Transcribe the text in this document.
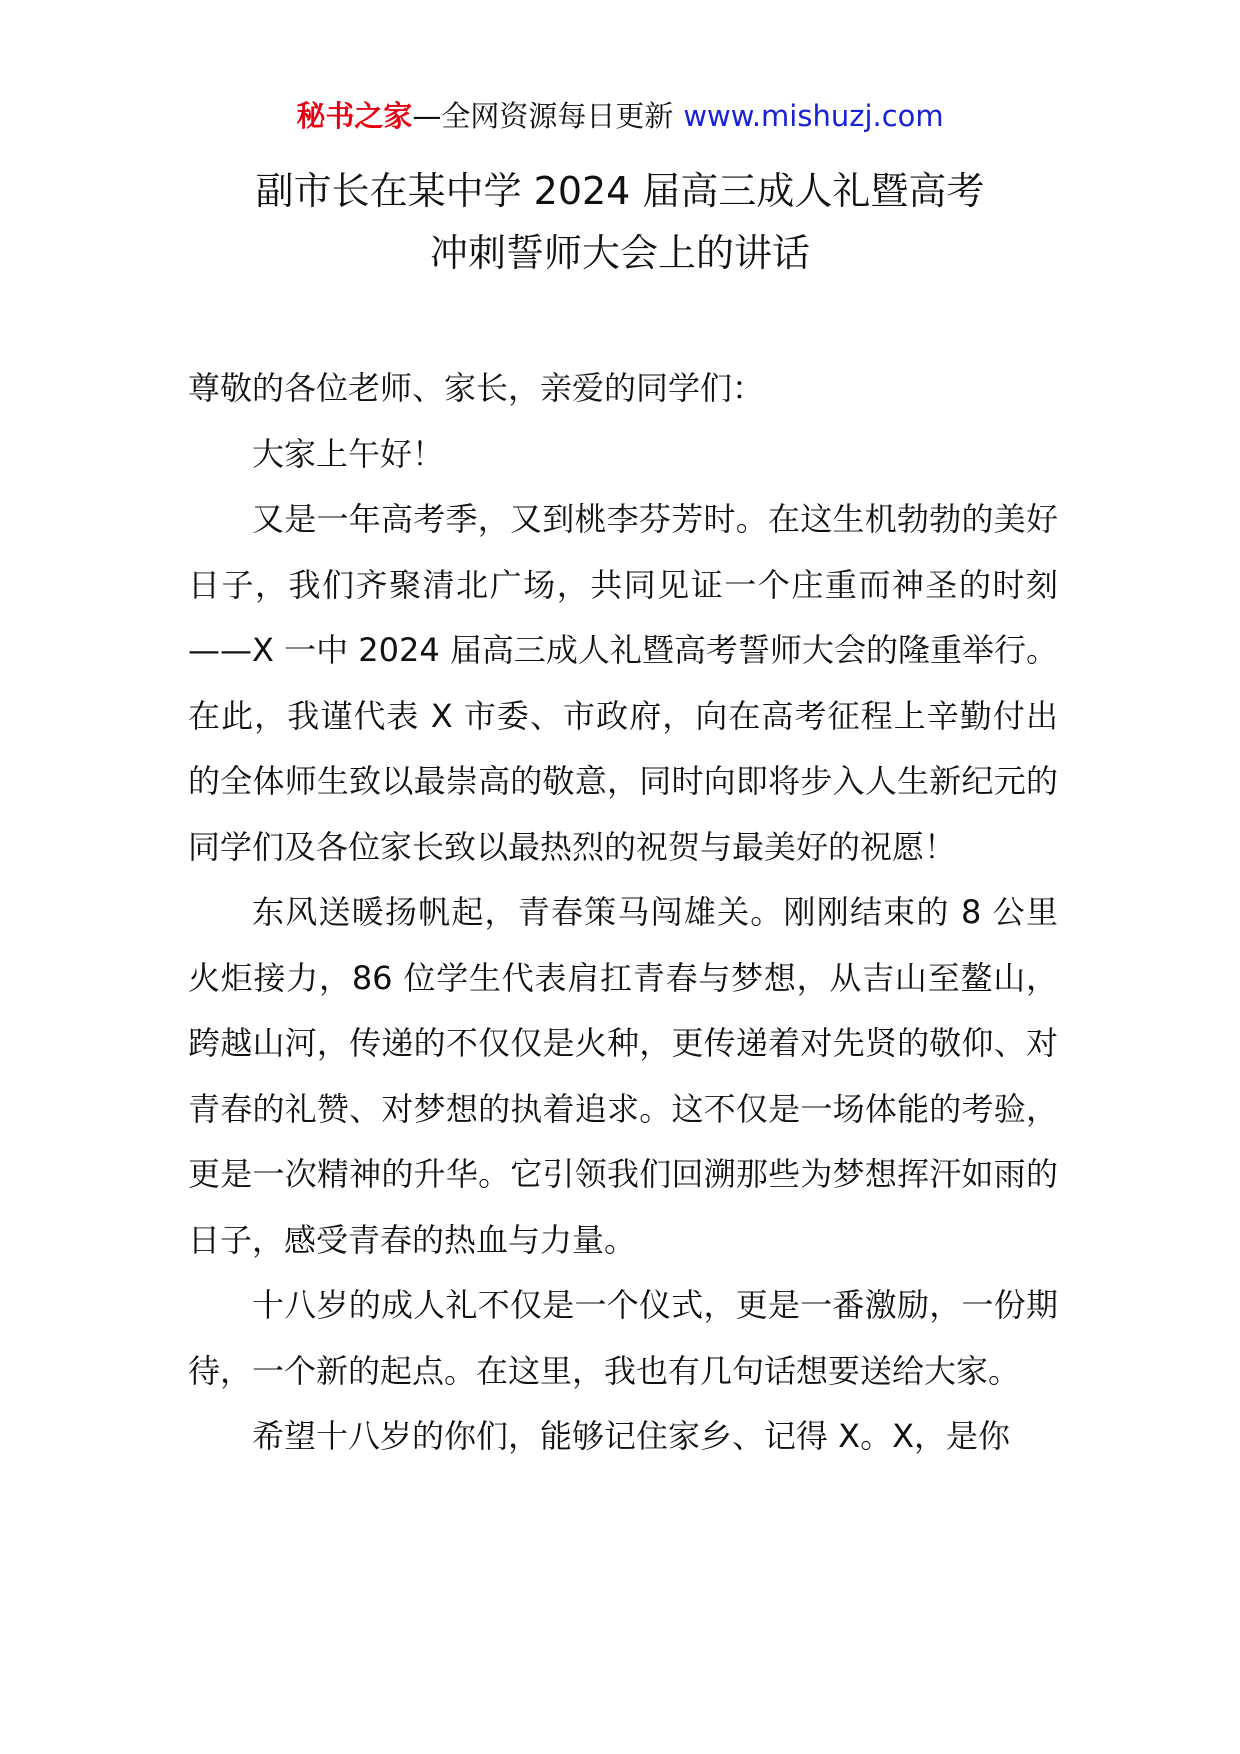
秘书之家—全网资源每日更新 www.mishuzj.com
副市长在某中学 2024 届高三成人礼暨高考
冲刺誓师大会上的讲话

尊敬的各位老师、家长，亲爱的同学们：

大家上午好！

又是一年高考季，又到桃李芬芳时。在这生机勃勃的美好日子，我们齐聚清北广场，共同见证一个庄重而神圣的时刻——X 一中 2024 届高三成人礼暨高考誓师大会的隆重举行。在此，我谨代表 X 市委、市政府，向在高考征程上辛勤付出的全体师生致以最崇高的敬意，同时向即将步入人生新纪元的同学们及各位家长致以最热烈的祝贺与最美好的祝愿！

东风送暖扬帆起，青春策马闯雄关。刚刚结束的 8 公里火炬接力，86 位学生代表肩扛青春与梦想，从吉山至鳌山，跨越山河，传递的不仅仅是火种，更传递着对先贤的敬仰、对青春的礼赞、对梦想的执着追求。这不仅是一场体能的考验，更是一次精神的升华。它引领我们回溯那些为梦想挥汗如雨的日子，感受青春的热血与力量。

十八岁的成人礼不仅是一个仪式，更是一番激励，一份期待，一个新的起点。在这里，我也有几句话想要送给大家。

希望十八岁的你们，能够记住家乡、记得 X。X，是你
